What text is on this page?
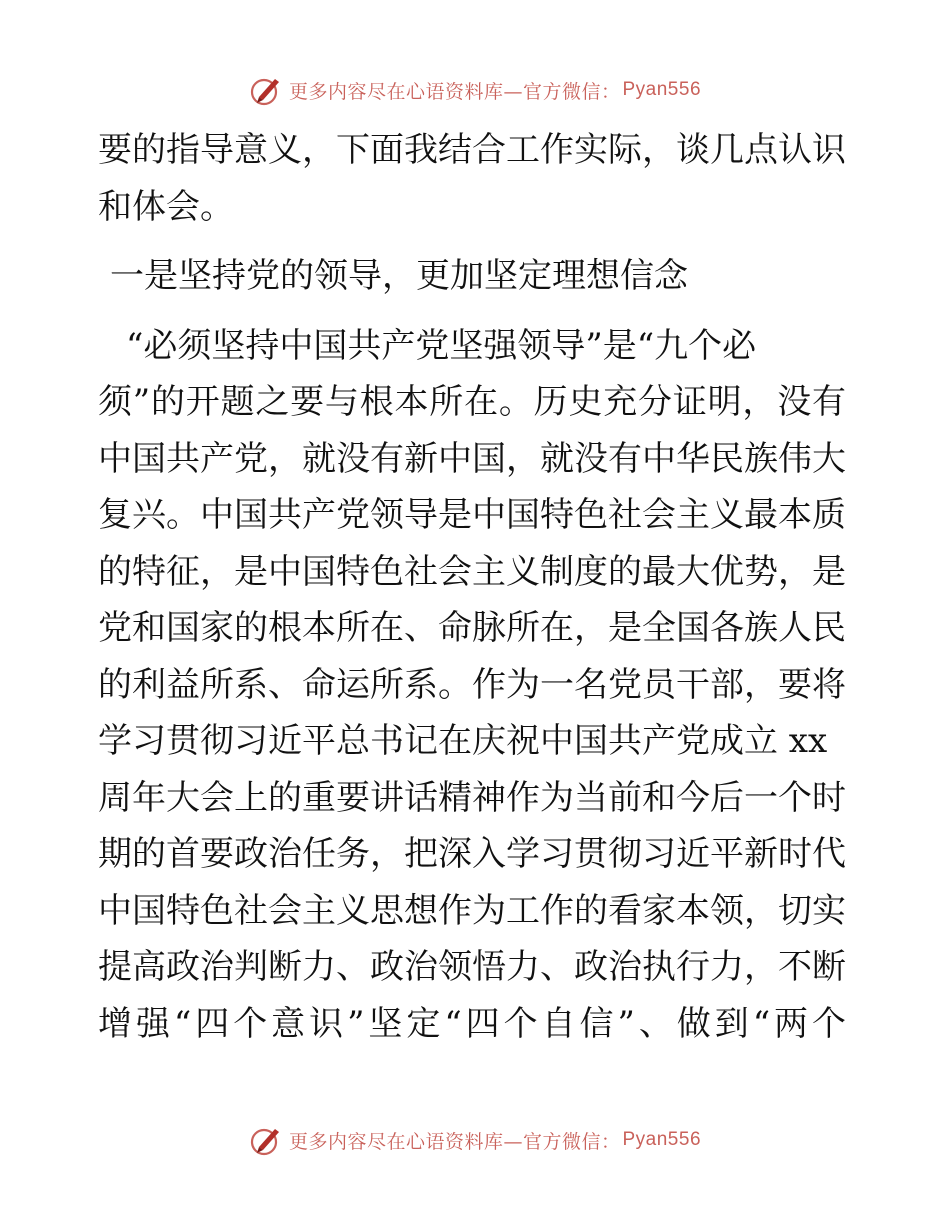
更多内容尽在心语资料库—官方微信： Pyan556
要的指导意义，下面我结合工作实际，谈几点认识
和体会。
一是坚持党的领导，更加坚定理想信念
“必须坚持中国共产党坚强领导”是“九个必
须”的开题之要与根本所在。历史充分证明，没有
中国共产党，就没有新中国，就没有中华民族伟大
复兴。中国共产党领导是中国特色社会主义最本质
的特征，是中国特色社会主义制度的最大优势，是
党和国家的根本所在、命脉所在，是全国各族人民
的利益所系、命运所系。作为一名党员干部，要将
学习贯彻习近平总书记在庆祝中国共产党成立 xx
周年大会上的重要讲话精神作为当前和今后一个时
期的首要政治任务，把深入学习贯彻习近平新时代
中国特色社会主义思想作为工作的看家本领，切实
提高政治判断力、政治领悟力、政治执行力，不断
增强“四个意识”坚定“四个自信”、做到“两个
更多内容尽在心语资料库—官方微信： Pyan556
